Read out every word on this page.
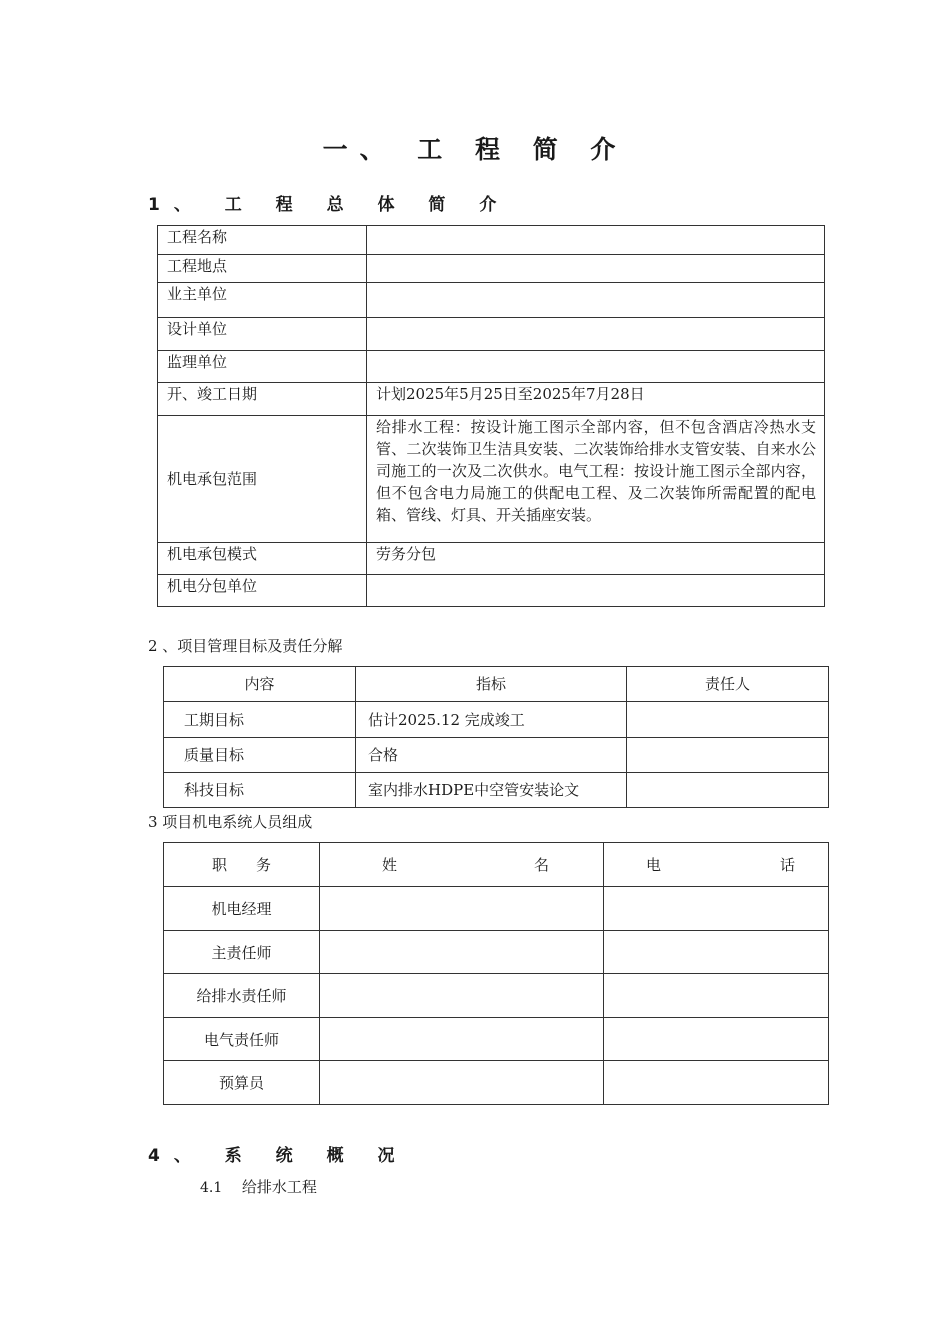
一、 工 程 简 介
1、 工 程 总 体 简 介
工程名称	
工程地点	
业主单位	
设计单位	
监理单位	
开、竣工日期	计划2025年5月25日至2025年7月28日
机电承包范围	给排水工程：按设计施工图示全部内容，但不包含酒店冷热水支管、二次装饰卫生洁具安装、二次装饰给排水支管安装、自来水公司施工的一次及二次供水。电气工程：按设计施工图示全部内容，但不包含电力局施工的供配电工程、及二次装饰所需配置的配电箱、管线、灯具、开关插座安装。
机电承包模式	劳务分包
机电分包单位	
2 、项目管理目标及责任分解
内容	指标	责任人
工期目标	估计2025.12 完成竣工	
质量目标	合格	
科技目标	室内排水HDPE中空管安装论文	
3 项目机电系统人员组成
职 务	姓 名	电 话

机电经理		
主责任师		
给排水责任师		
电气责任师		
预算员		
4、 系 统 概 况
4.1 给排水工程
